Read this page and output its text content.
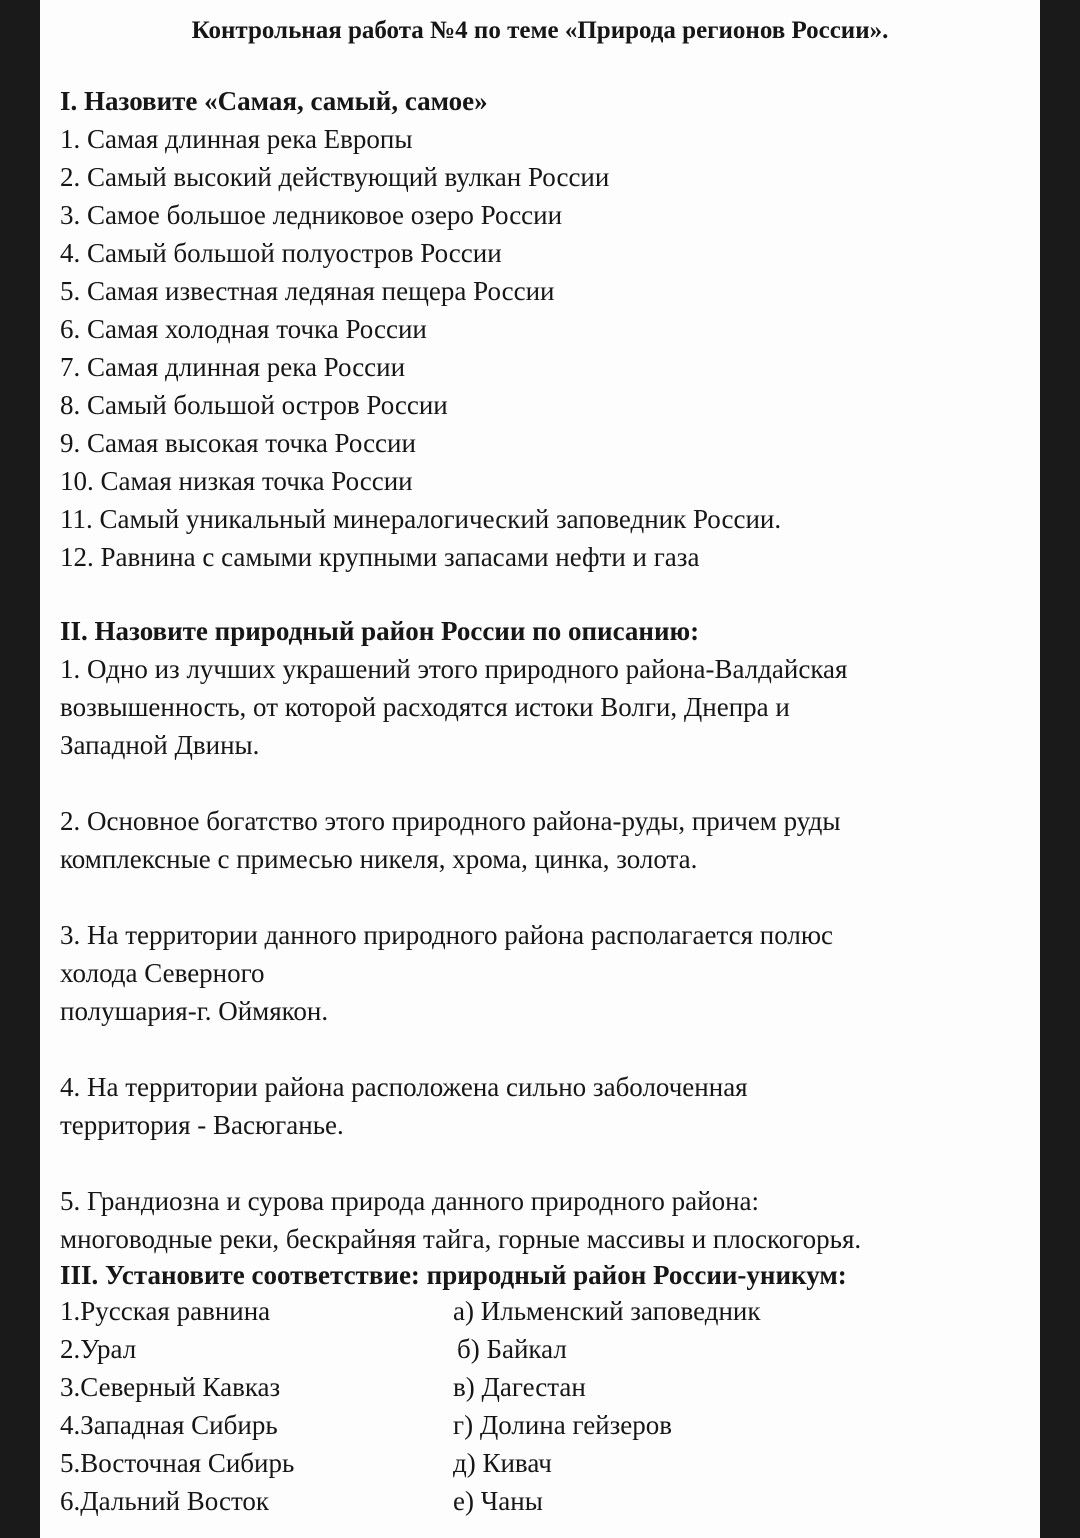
Контрольная работа №4 по теме «Природа регионов России».

I. Назовите «Самая, самый, самое»

1. Самая длинная река Европы

2. Самый высокий действующий вулкан России

3. Самое большое ледниковое озеро России

4. Самый большой полуостров России

5. Самая известная ледяная пещера России

6. Самая холодная точка России

7. Самая длинная река России

8. Самый большой остров России

9. Самая высокая точка России

10. Самая низкая точка России

11. Самый уникальный минералогический заповедник России.

12. Равнина с самыми крупными запасами нефти и газа

II. Назовите природный район России по описанию:

1. Одно из лучших украшений этого природного района-Валдайская

возвышенность, от которой расходятся истоки Волги, Днепра и

Западной Двины.

2. Основное богатство этого природного района-руды, причем руды

комплексные с примесью никеля, хрома, цинка, золота.

3. На территории данного природного района располагается полюс

холода Северного

полушария-г. Оймякон.

4. На территории района расположена сильно заболоченная

территория - Васюганье.

5. Грандиозна и сурова природа данного природного района:

многоводные реки, бескрайняя тайга, горные массивы и плоскогорья.

III. Установите соответствие: природный район России-уникум:

1.Русская равнина	а) Ильменский заповедник

2.Урал	б) Байкал

3.Северный Кавказ	в) Дагестан

4.Западная Сибирь	г) Долина гейзеров

5.Восточная Сибирь	д) Кивач

6.Дальний Восток	е) Чаны
